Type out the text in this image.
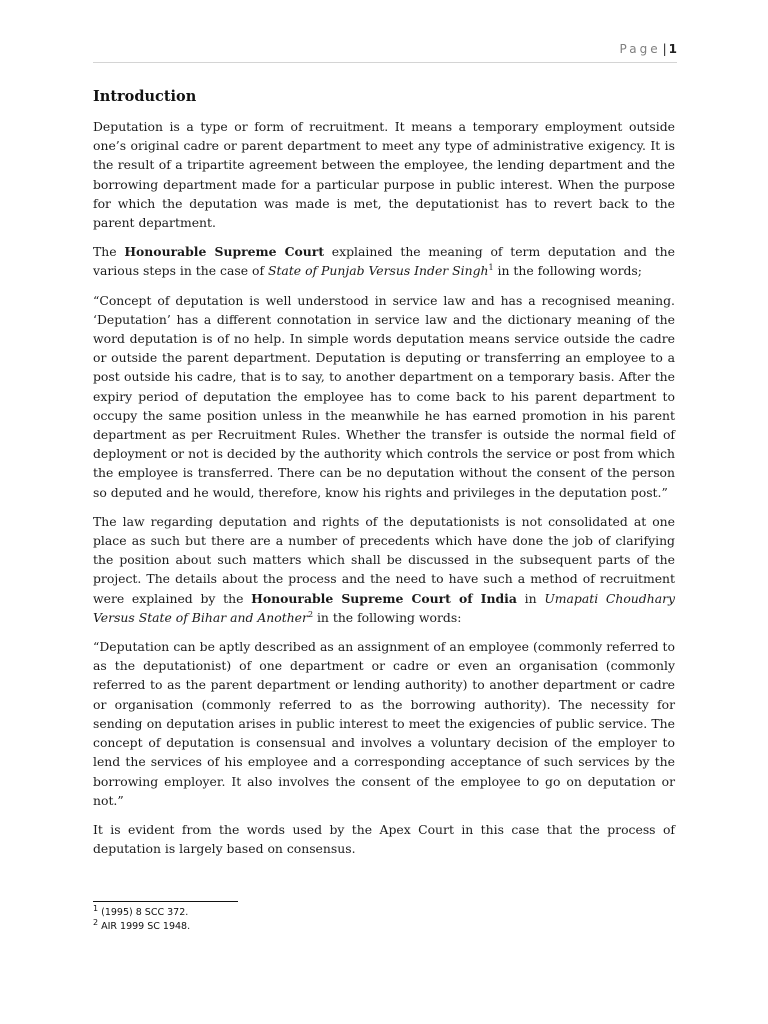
Page | 1
Introduction

Deputation is a type or form of recruitment. It means a temporary employment outside one’s original cadre or parent department to meet any type of administrative exigency. It is the result of a tripartite agreement between the employee, the lending department and the borrowing department made for a particular purpose in public interest. When the purpose for which the deputation was made is met, the deputationist has to revert back to the parent department.

The Honourable Supreme Court explained the meaning of term deputation and the various steps in the case of State of Punjab Versus Inder Singh$^1$ in the following words;

“Concept of deputation is well understood in service law and has a recognised meaning. ‘Deputation’ has a different connotation in service law and the dictionary meaning of the word deputation is of no help. In simple words deputation means service outside the cadre or outside the parent department. Deputation is deputing or transferring an employee to a post outside his cadre, that is to say, to another department on a temporary basis. After the expiry period of deputation the employee has to come back to his parent department to occupy the same position unless in the meanwhile he has earned promotion in his parent department as per Recruitment Rules. Whether the transfer is outside the normal field of deployment or not is decided by the authority which controls the service or post from which the employee is transferred. There can be no deputation without the consent of the person so deputed and he would, therefore, know his rights and privileges in the deputation post.”

The law regarding deputation and rights of the deputationists is not consolidated at one place as such but there are a number of precedents which have done the job of clarifying the position about such matters which shall be discussed in the subsequent parts of the project. The details about the process and the need to have such a method of recruitment were explained by the Honourable Supreme Court of India in Umapati Choudhary Versus State of Bihar and Another$^2$ in the following words:

“Deputation can be aptly described as an assignment of an employee (commonly referred to as the deputationist) of one department or cadre or even an organisation (commonly referred to as the parent department or lending authority) to another department or cadre or organisation (commonly referred to as the borrowing authority). The necessity for sending on deputation arises in public interest to meet the exigencies of public service. The concept of deputation is consensual and involves a voluntary decision of the employer to lend the services of his employee and a corresponding acceptance of such services by the borrowing employer. It also involves the consent of the employee to go on deputation or not.”

It is evident from the words used by the Apex Court in this case that the process of deputation is largely based on consensus.

$^1$ (1995) 8 SCC 372.
$^2$ AIR 1999 SC 1948.
